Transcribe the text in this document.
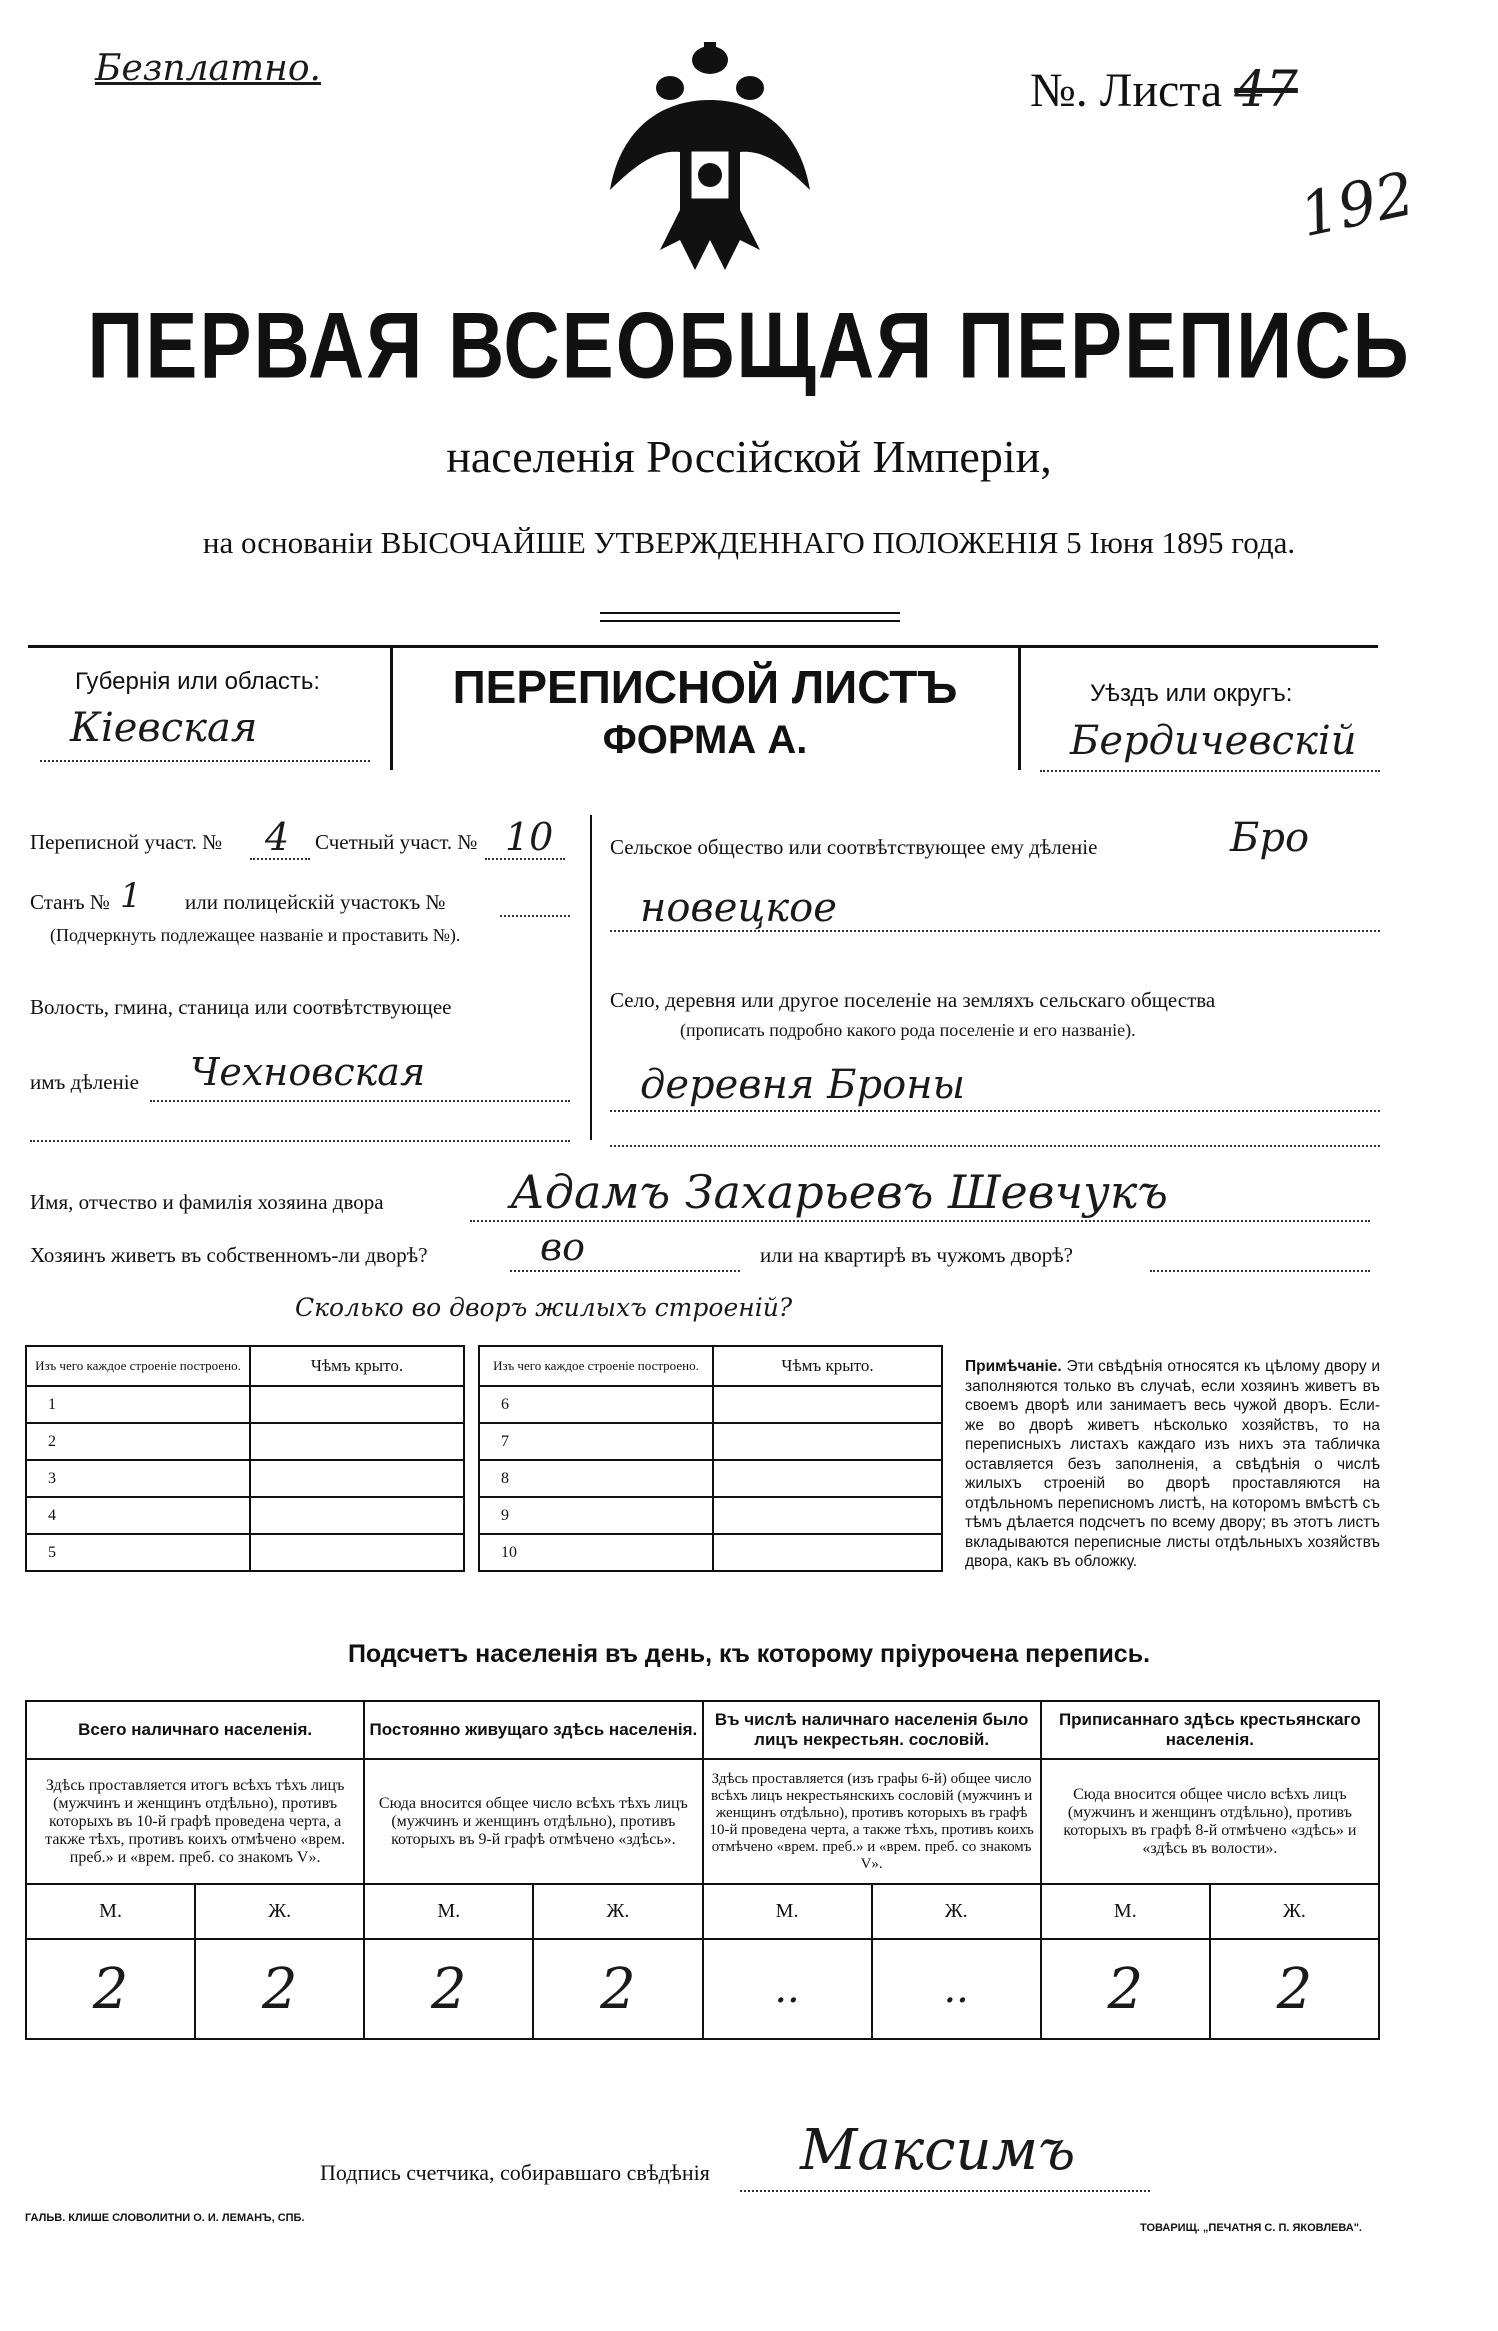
Безплатно.	№. Листа 47
192
ПЕРВАЯ ВСЕОБЩАЯ ПЕРЕПИСЬ
населенія Россійской Имперіи,
на основаніи ВЫСОЧАЙШЕ УТВЕРЖДЕННАГО ПОЛОЖЕНІЯ 5 Іюня 1895 года.
Губернія или область:
Кіевская
ПЕРЕПИСНОЙ ЛИСТЪ
ФОРМА А.
Уѣздъ или округъ:
Бердичевскій
Переписной участ. № 4 Счетный участ. № 10
Станъ № 1 или полицейскій участокъ №
(Подчеркнуть подлежащее названіе и проставить №).
Волость, гмина, станица или соотвѣтствующее
имъ дѣленіе Чехновская
Сельское общество или соотвѣтствующее ему дѣленіе	Бро
новецкое
Село, деревня или другое поселеніе на земляхъ сельскаго общества
(прописать подробно какого рода поселеніе и его названіе).
деревня Броны
Имя, отчество и фамилія хозяина двора	Адамъ Захарьевъ Шевчукъ
Хозяинъ живетъ въ собственномъ-ли дворѣ?	во	или на квартирѣ въ чужомъ дворѣ?
Сколько во дворъ жилыхъ строеній?
Изъ чего каждое строеніе построено.	Чѣмъ крыто.
1	
2	
3	
4	
5	
Изъ чего каждое строеніе построено.	Чѣмъ крыто.
6	
7	
8	
9	
10	
Примѣчаніе. Эти свѣдѣнія относятся къ цѣлому двору и заполняются только въ случаѣ, если хозяинъ живетъ въ своемъ дворѣ или занимаетъ весь чужой дворъ. Если-же во дворѣ живетъ нѣсколько хозяйствъ, то на переписныхъ листахъ каждаго изъ нихъ эта табличка оставляется безъ заполненія, а свѣдѣнія о числѣ жилыхъ строеній во дворѣ проставляются на отдѣльномъ переписномъ листѣ, на которомъ вмѣстѣ съ тѣмъ дѣлается подсчетъ по всему двору; въ этотъ листъ вкладываются переписные листы отдѣльныхъ хозяйствъ двора, какъ въ обложку.
Подсчетъ населенія въ день, къ которому пріурочена перепись.
Всего наличнаго населенія.		Постоянно живущаго здѣсь населенія.		Въ числѣ наличнаго населенія было лицъ некрестьян. сословій.		Приписаннаго здѣсь крестьянскаго населенія.	
Здѣсь проставляется итогъ всѣхъ тѣхъ лицъ (мужчинъ и женщинъ отдѣльно), противъ которыхъ въ 10-й графѣ проведена черта, а также тѣхъ, противъ коихъ отмѣчено «врем. преб.» и «врем. преб. со знакомъ V».		Сюда вносится общее число всѣхъ тѣхъ лицъ (мужчинъ и женщинъ отдѣльно), противъ которыхъ въ 9-й графѣ отмѣчено «здѣсь».		Здѣсь проставляется (изъ графы 6-й) общее число всѣхъ лицъ некрестьянскихъ сословій (мужчинъ и женщинъ отдѣльно), противъ которыхъ въ графѣ 10-й проведена черта, а также тѣхъ, противъ коихъ отмѣчено «врем. преб.» и «врем. преб. со знакомъ V».		Сюда вносится общее число всѣхъ лицъ (мужчинъ и женщинъ отдѣльно), противъ которыхъ въ графѣ 8-й отмѣчено «здѣсь» и «здѣсь въ волости».	
М.	Ж.	М.	Ж.	М.	Ж.	М.	Ж.
2	2	2	2	..	..	2	2
Подпись счетчика, собиравшаго свѣдѣнія Максимъ
ГАЛЬВ. КЛИШЕ СЛОВОЛИТНИ О. И. ЛЕМАНЪ, СПБ.
ТОВАРИЩ. „ПЕЧАТНЯ С. П. ЯКОВЛЕВА".
